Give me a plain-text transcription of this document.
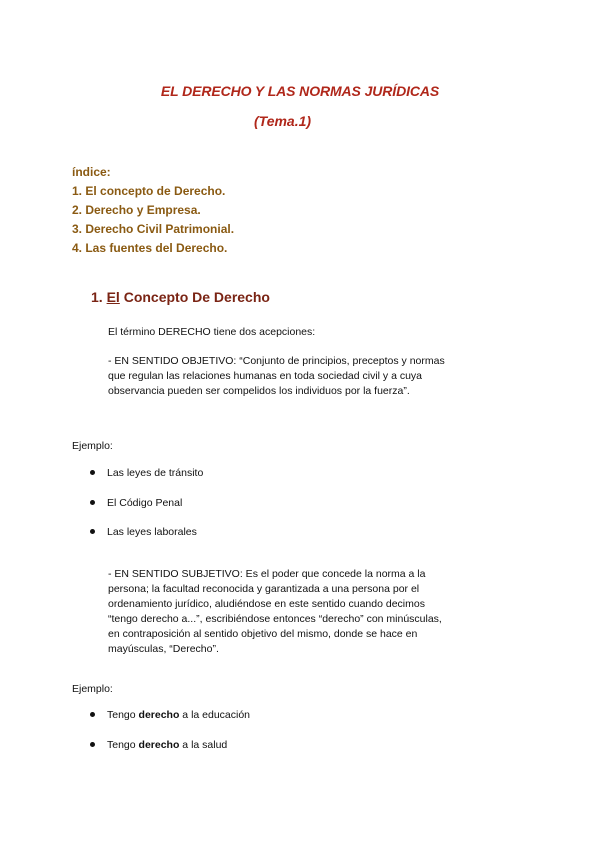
EL DERECHO Y LAS NORMAS JURÍDICAS
(Tema.1)
índice:
1. El concepto de Derecho.
2. Derecho y Empresa.
3. Derecho Civil Patrimonial.
4. Las fuentes del Derecho.
1. El Concepto De Derecho
El término DERECHO tiene dos acepciones:
- EN SENTIDO OBJETIVO: “Conjunto de principios, preceptos y normas que regulan las relaciones humanas en toda sociedad civil y a cuya observancia pueden ser compelidos los individuos por la fuerza”.
Ejemplo:
Las leyes de tránsito
El Código Penal
Las leyes laborales
- EN SENTIDO SUBJETIVO: Es el poder que concede la norma a la persona; la facultad reconocida y garantizada a una persona por el ordenamiento jurídico, aludiéndose en este sentido cuando decimos “tengo derecho a...”, escribiéndose entonces “derecho” con minúsculas, en contraposición al sentido objetivo del mismo, donde se hace en mayúsculas, “Derecho”.
Ejemplo:
Tengo derecho a la educación
Tengo derecho a la salud
